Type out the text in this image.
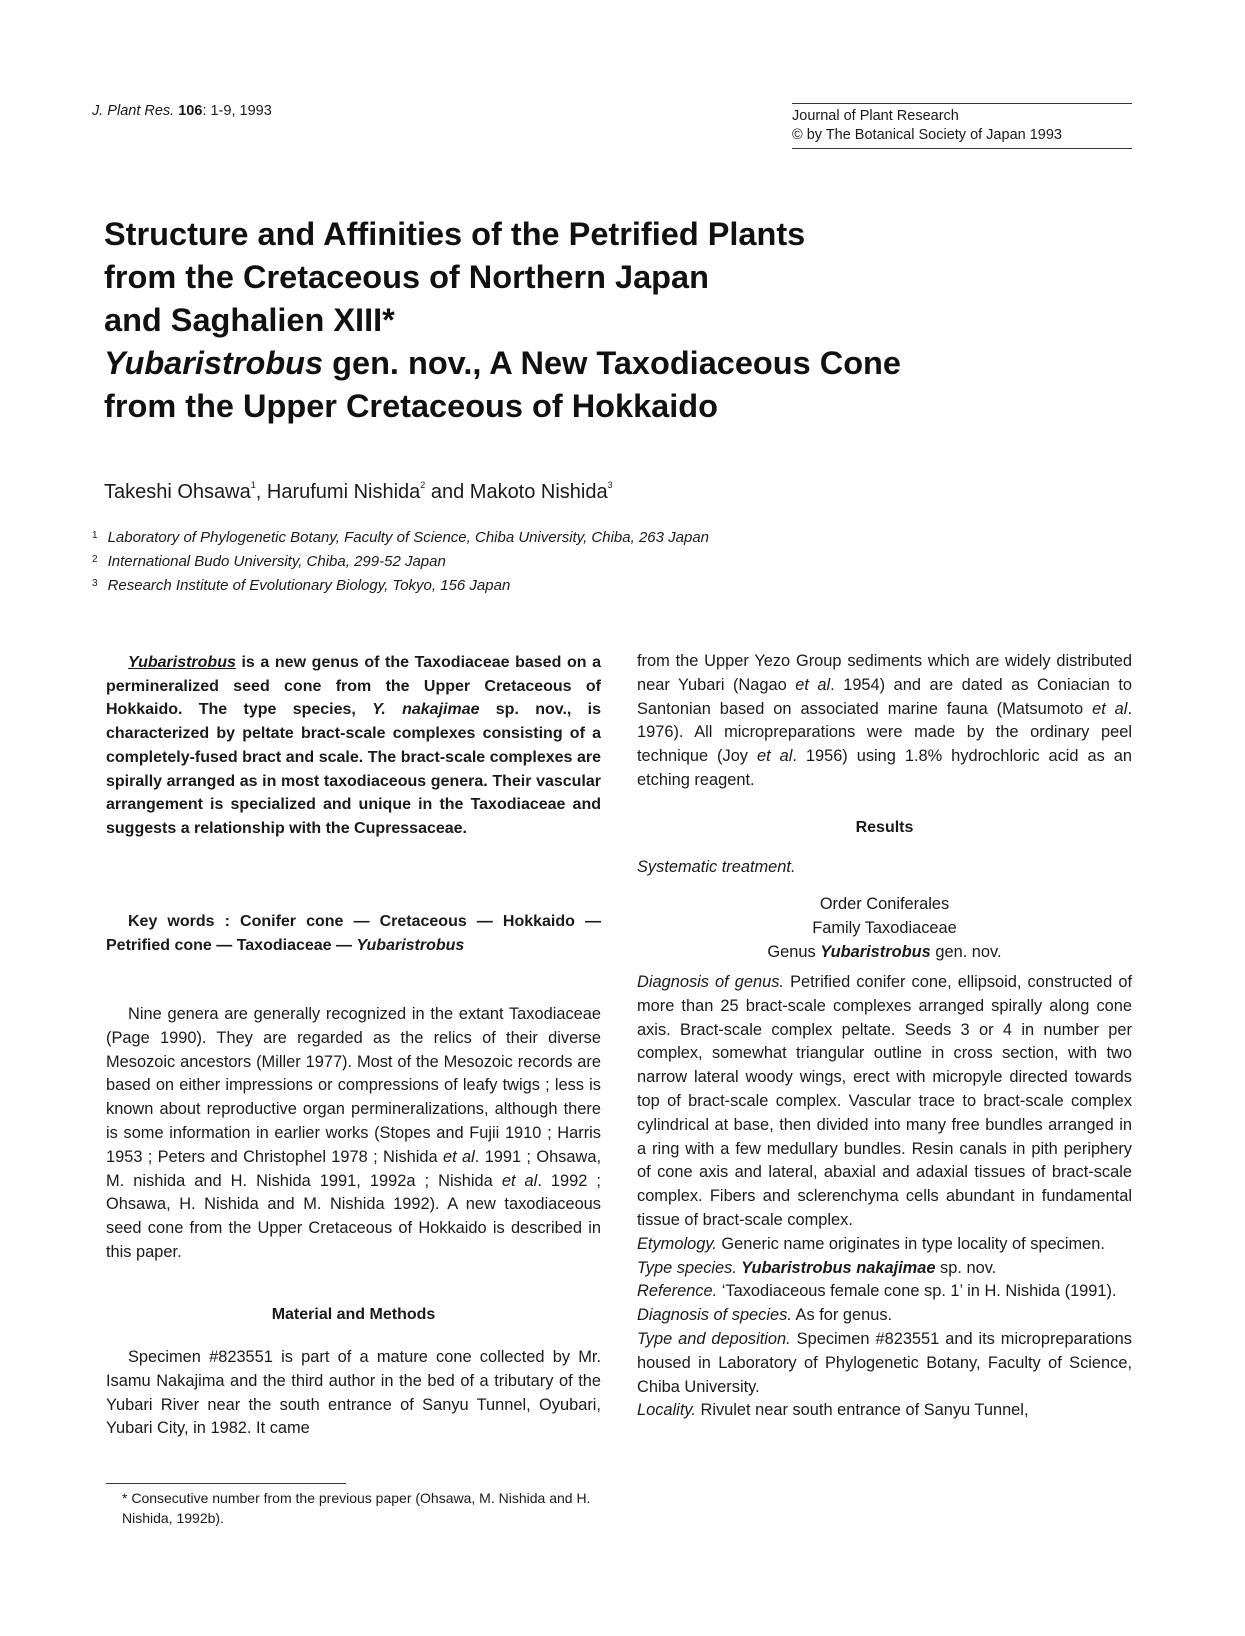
J. Plant Res. 106: 1-9, 1993	Journal of Plant Research
© by The Botanical Society of Japan 1993
Structure and Affinities of the Petrified Plants
from the Cretaceous of Northern Japan
and Saghalien XIII*
Yubaristrobus gen. nov., A New Taxodiaceous Cone
from the Upper Cretaceous of Hokkaido
Takeshi Ohsawa$^1$, Harufumi Nishida$^2$ and Makoto Nishida$^3$
$^1$ Laboratory of Phylogenetic Botany, Faculty of Science, Chiba University, Chiba, 263 Japan
$^2$ International Budo University, Chiba, 299-52 Japan
$^3$ Research Institute of Evolutionary Biology, Tokyo, 156 Japan

Yubaristrobus is a new genus of the Taxodiaceae based on a permineralized seed cone from the Upper Cretaceous of Hokkaido. The type species, Y. nakajimae sp. nov., is characterized by peltate bract-scale complexes consisting of a completely-fused bract and scale. The bract-scale complexes are spirally arranged as in most taxodiaceous genera. Their vascular arrangement is specialized and unique in the Taxodiaceae and suggests a relationship with the Cupressaceae.

Key words : Conifer cone — Cretaceous — Hokkaido — Petrified cone — Taxodiaceae — Yubaristrobus

Nine genera are generally recognized in the extant Taxodiaceae (Page 1990). They are regarded as the relics of their diverse Mesozoic ancestors (Miller 1977). Most of the Mesozoic records are based on either impressions or compressions of leafy twigs ; less is known about reproductive organ permineralizations, although there is some information in earlier works (Stopes and Fujii 1910 ; Harris 1953 ; Peters and Christophel 1978 ; Nishida et al. 1991 ; Ohsawa, M. nishida and H. Nishida 1991, 1992a ; Nishida et al. 1992 ; Ohsawa, H. Nishida and M. Nishida 1992). A new taxodiaceous seed cone from the Upper Cretaceous of Hokkaido is described in this paper.

Material and Methods

Specimen #823551 is part of a mature cone collected by Mr. Isamu Nakajima and the third author in the bed of a tributary of the Yubari River near the south entrance of Sanyu Tunnel, Oyubari, Yubari City, in 1982. It came

* Consecutive number from the previous paper (Ohsawa, M. Nishida and H. Nishida, 1992b).

from the Upper Yezo Group sediments which are widely distributed near Yubari (Nagao et al. 1954) and are dated as Coniacian to Santonian based on associated marine fauna (Matsumoto et al. 1976). All micropreparations were made by the ordinary peel technique (Joy et al. 1956) using 1.8% hydrochloric acid as an etching reagent.

Results
Systematic treatment.
Order Coniferales
Family Taxodiaceae
Genus Yubaristrobus gen. nov.

Diagnosis of genus. Petrified conifer cone, ellipsoid, constructed of more than 25 bract-scale complexes arranged spirally along cone axis. Bract-scale complex peltate. Seeds 3 or 4 in number per complex, somewhat triangular outline in cross section, with two narrow lateral woody wings, erect with micropyle directed towards top of bract-scale complex. Vascular trace to bract-scale complex cylindrical at base, then divided into many free bundles arranged in a ring with a few medullary bundles. Resin canals in pith periphery of cone axis and lateral, abaxial and adaxial tissues of bract-scale complex. Fibers and sclerenchyma cells abundant in fundamental tissue of bract-scale complex.

Etymology. Generic name originates in type locality of specimen.

Type species. Yubaristrobus nakajimae sp. nov.

Reference. ‘Taxodiaceous female cone sp. 1’ in H. Nishida (1991).

Diagnosis of species. As for genus.

Type and deposition. Specimen #823551 and its micropreparations housed in Laboratory of Phylogenetic Botany, Faculty of Science, Chiba University.

Locality. Rivulet near south entrance of Sanyu Tunnel,
